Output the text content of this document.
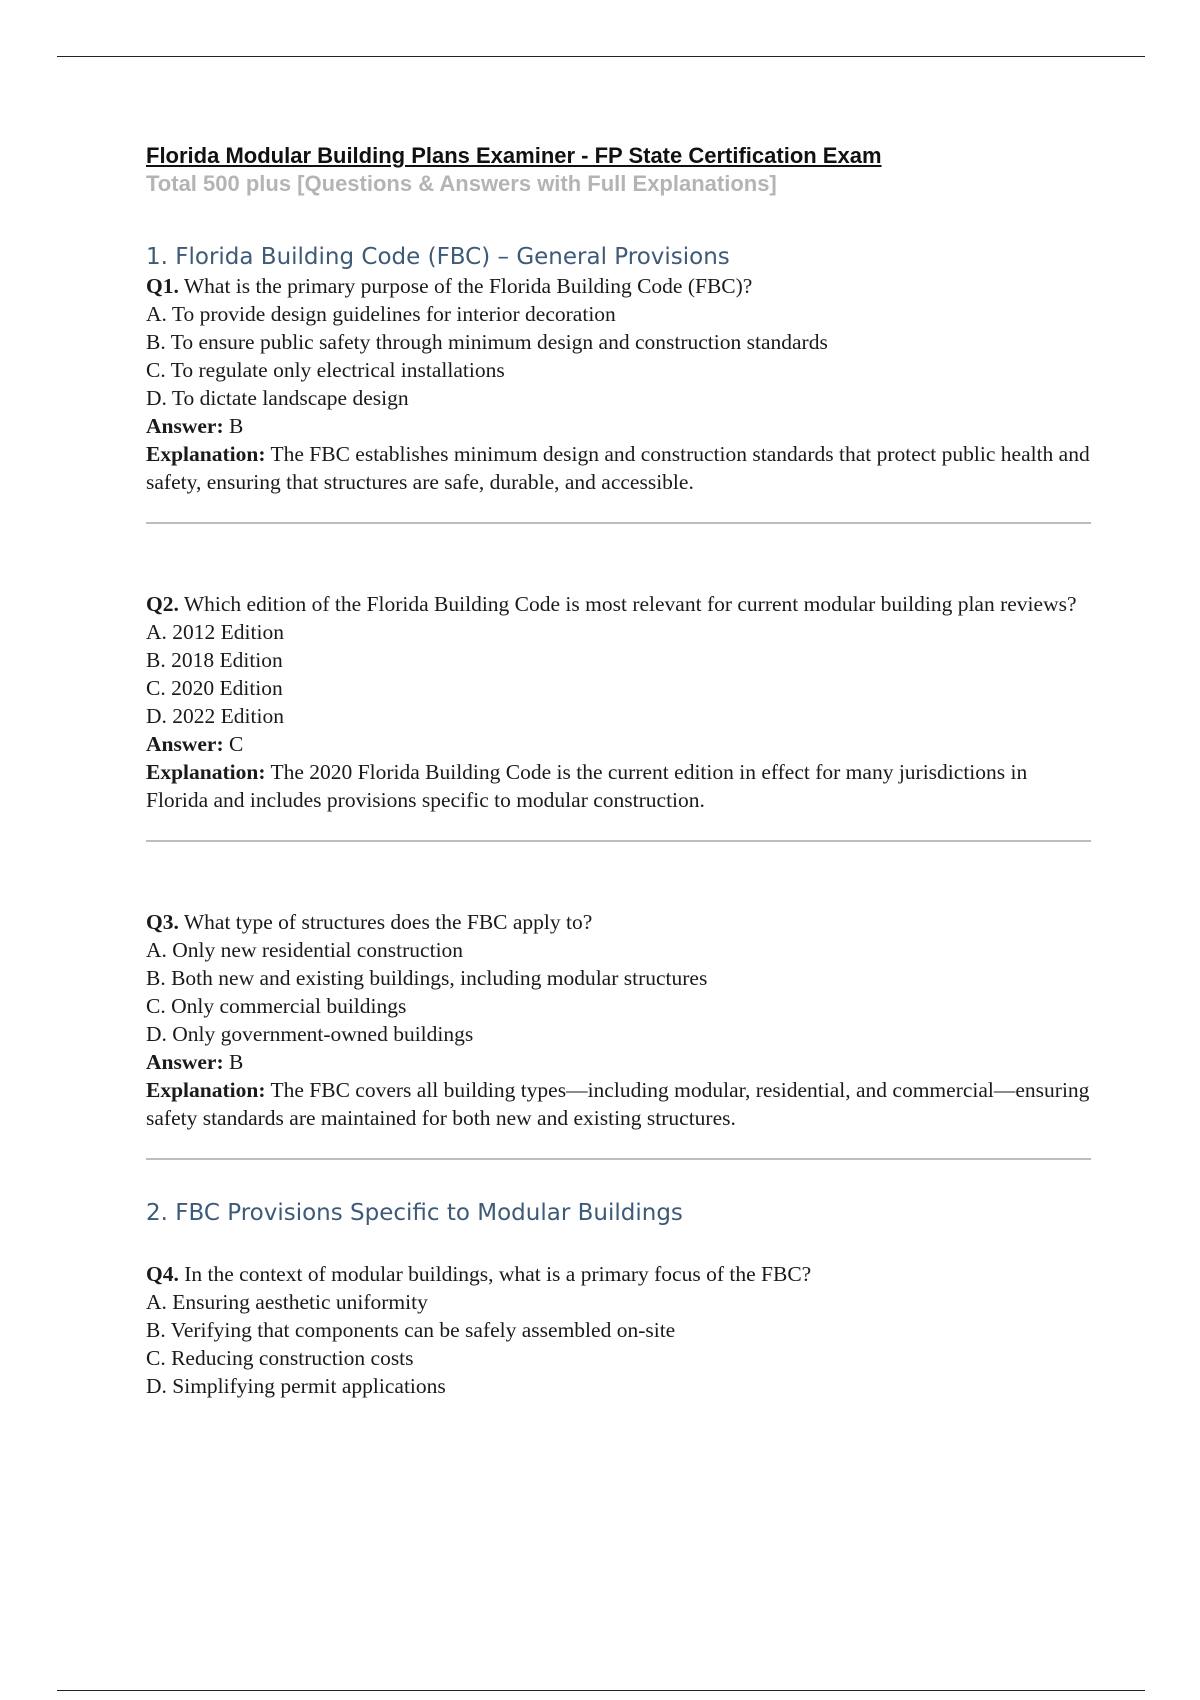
Florida Modular Building Plans Examiner - FP State Certification Exam

Total 500 plus [Questions & Answers with Full Explanations]

1. Florida Building Code (FBC) – General Provisions

Q1. What is the primary purpose of the Florida Building Code (FBC)?

A. To provide design guidelines for interior decoration

B. To ensure public safety through minimum design and construction standards

C. To regulate only electrical installations

D. To dictate landscape design

Answer: B

Explanation: The FBC establishes minimum design and construction standards that protect public health and safety, ensuring that structures are safe, durable, and accessible.

Q2. Which edition of the Florida Building Code is most relevant for current modular building plan reviews?

A. 2012 Edition

B. 2018 Edition

C. 2020 Edition

D. 2022 Edition

Answer: C

Explanation: The 2020 Florida Building Code is the current edition in effect for many jurisdictions in Florida and includes provisions specific to modular construction.

Q3. What type of structures does the FBC apply to?

A. Only new residential construction

B. Both new and existing buildings, including modular structures

C. Only commercial buildings

D. Only government-owned buildings

Answer: B

Explanation: The FBC covers all building types—including modular, residential, and commercial—ensuring safety standards are maintained for both new and existing structures.

2. FBC Provisions Specific to Modular Buildings

Q4. In the context of modular buildings, what is a primary focus of the FBC?

A. Ensuring aesthetic uniformity

B. Verifying that components can be safely assembled on-site

C. Reducing construction costs

D. Simplifying permit applications
